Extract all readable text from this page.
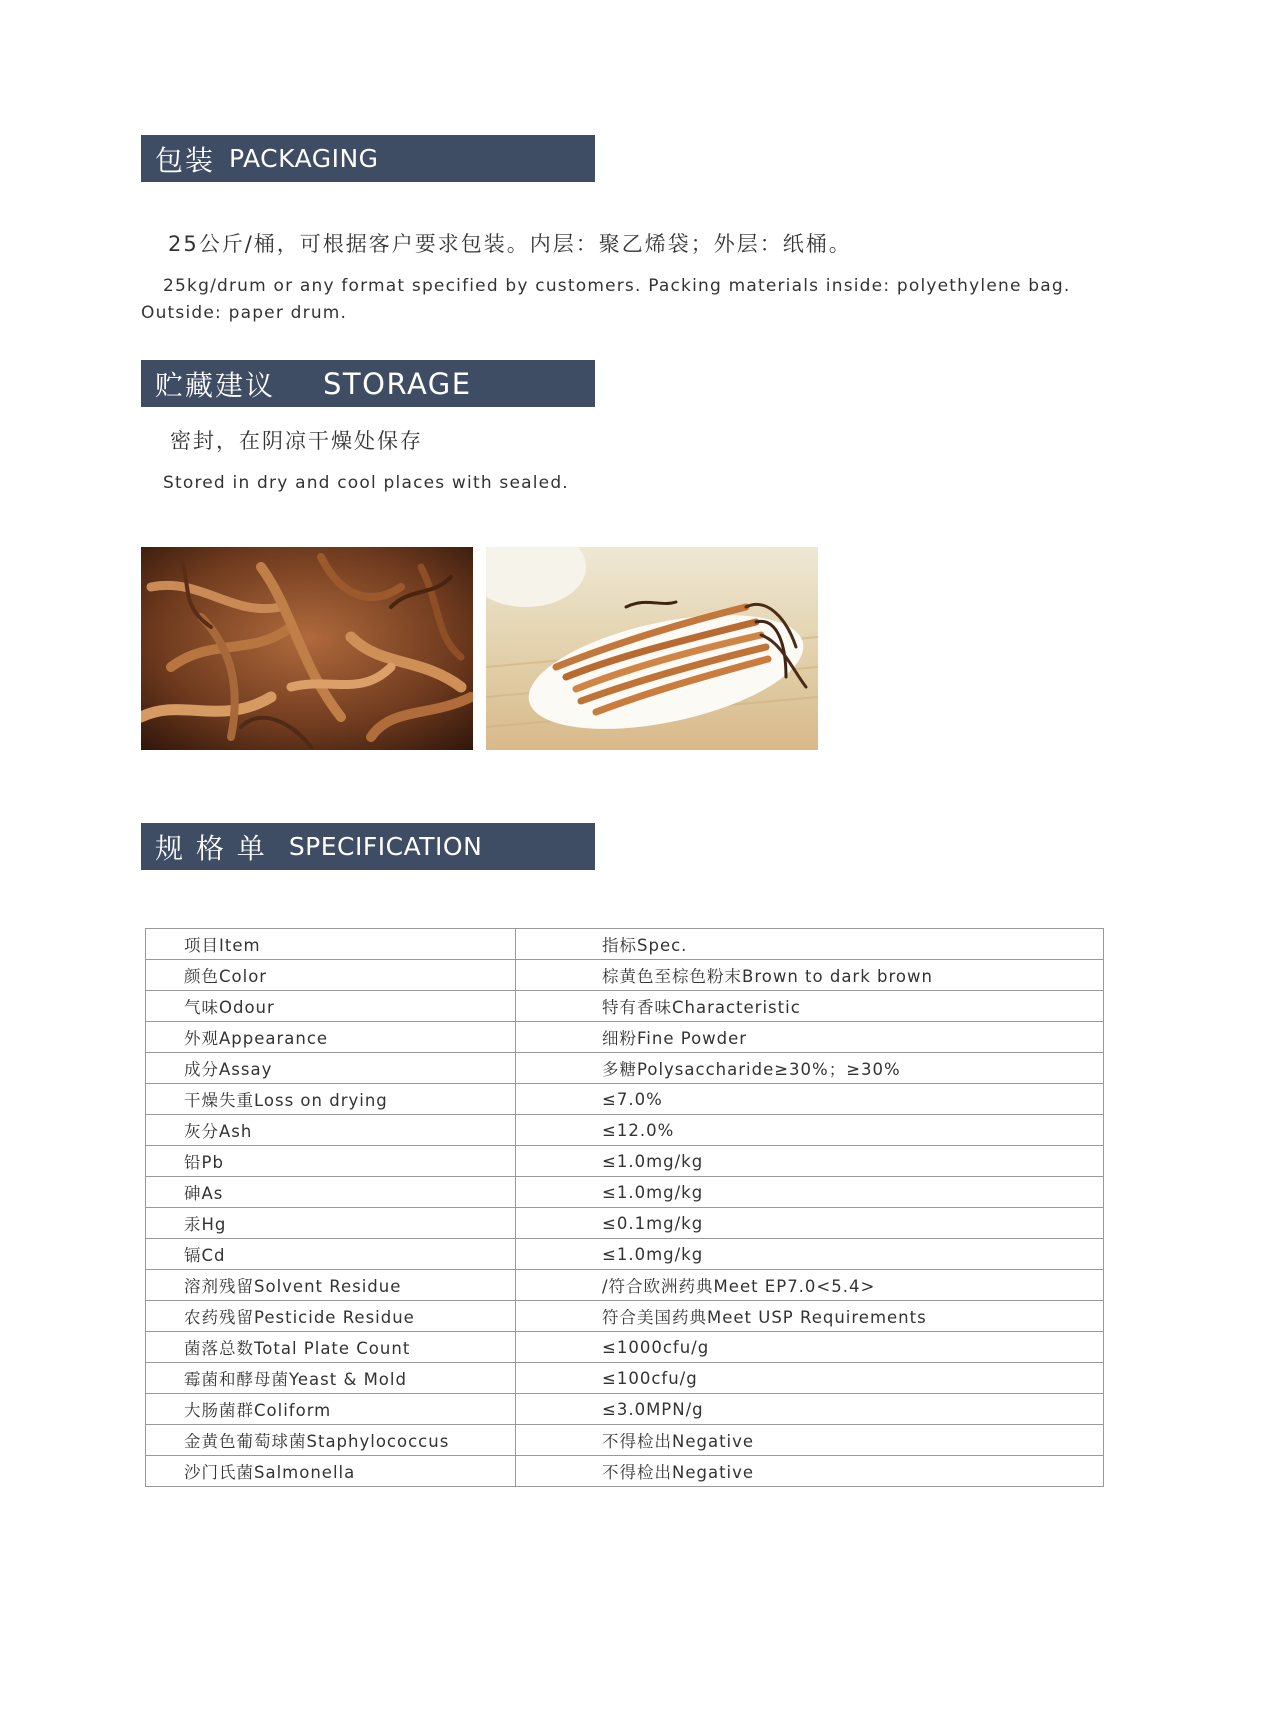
包装 PACKAGING
25公斤/桶，可根据客户要求包装。内层：聚乙烯袋；外层：纸桶。
25kg/drum or any format specified by customers. Packing materials inside: polyethylene bag. Outside: paper drum.
贮藏建议 STORAGE
密封，在阴凉干燥处保存
Stored in dry and cool places with sealed.
规 格 单 SPECIFICATION
项目Item	指标Spec.
颜色Color	棕黄色至棕色粉末Brown to dark brown
气味Odour	特有香味Characteristic
外观Appearance	细粉Fine Powder
成分Assay	多糖Polysaccharide≥30%；≥30%
干燥失重Loss on drying	≤7.0%
灰分Ash	≤12.0%
铅Pb	≤1.0mg/kg
砷As	≤1.0mg/kg
汞Hg	≤0.1mg/kg
镉Cd	≤1.0mg/kg
溶剂残留Solvent Residue	/符合欧洲药典Meet EP7.0<5.4>
农药残留Pesticide Residue	符合美国药典Meet USP Requirements
菌落总数Total Plate Count	≤1000cfu/g
霉菌和酵母菌Yeast & Mold	≤100cfu/g
大肠菌群Coliform	≤3.0MPN/g
金黄色葡萄球菌Staphylococcus	不得检出Negative
沙门氏菌Salmonella	不得检出Negative
